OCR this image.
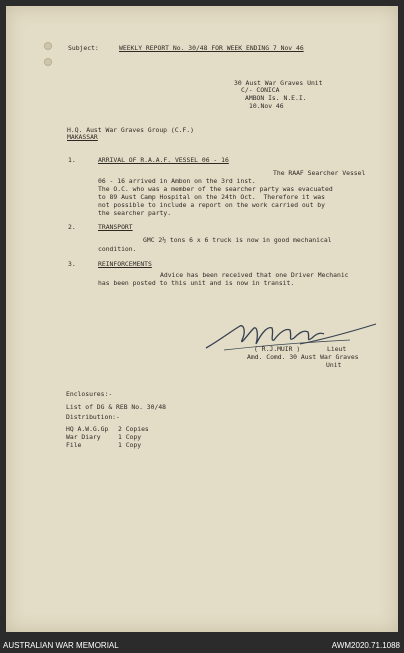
Subject:	WEEKLY REPORT No. 30/48 FOR WEEK ENDING 7 Nov 46
30 Aust War Graves Unit
C/- CONICA
AMBON Is. N.E.I.
10.Nov 46
H.Q. Aust War Graves Group (C.F.)
MAKASSAR
1.	ARRIVAL OF R.A.A.F. VESSEL 06 - 16
The RAAF Searcher Vessel
06 - 16 arrived in Ambon on the 3rd inst.
The O.C. who was a member of the searcher party was evacuated
to 89 Aust Camp Hospital on the 24th Oct.  Therefore it was
not possible to include a report on the work carried out by
the searcher party.
2.	TRANSPORT
GMC 2½ tons 6 x 6 truck is now in good mechanical
condition.
3.	REINFORCEMENTS
Advice has been received that one Driver Mechanic
has been posted to this unit and is now in transit.
( R.J.MUIR )	Lieut
Amd. Comd. 30 Aust War Graves
Unit
Enclosures:-
List of DG & REB No. 30/48
Distribution:-
HQ A.W.G.Gp 2 Copies
War Diary	1 Copy
File	1 Copy
AUSTRALIAN WAR MEMORIAL	AWM2020.71.1088
